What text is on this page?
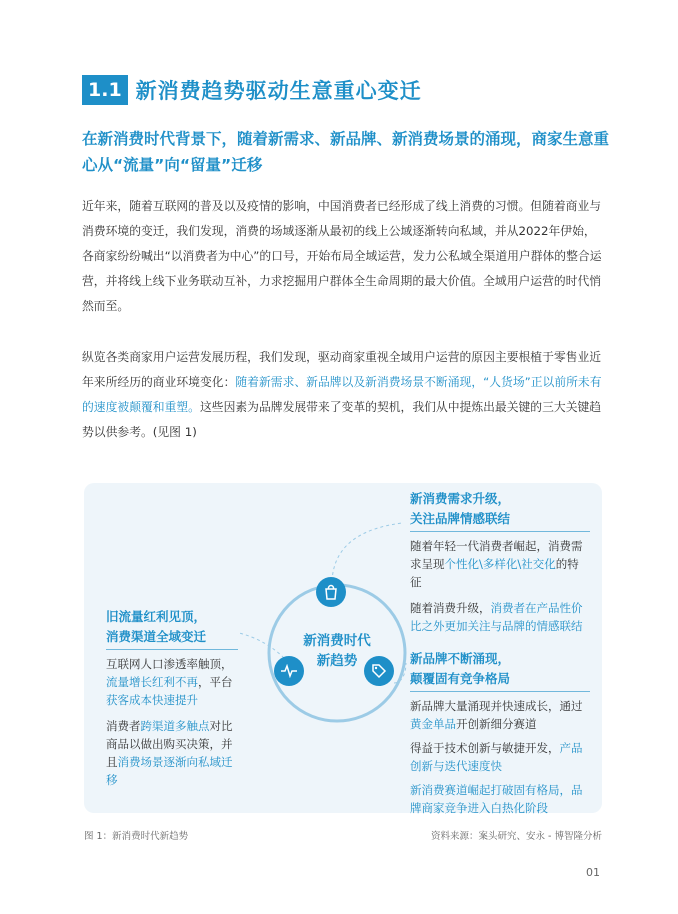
1.1 新消费趋势驱动生意重心变迁
在新消费时代背景下，随着新需求、新品牌、新消费场景的涌现，商家生意重心从“流量”向“留量”迁移
近年来，随着互联网的普及以及疫情的影响，中国消费者已经形成了线上消费的习惯。但随着商业与消费环境的变迁，我们发现，消费的场域逐渐从最初的线上公域逐渐转向私域，并从2022年伊始，各商家纷纷喊出“以消费者为中心”的口号，开始布局全域运营，发力公私域全渠道用户群体的整合运营，并将线上线下业务联动互补，力求挖掘用户群体全生命周期的最大价值。全域用户运营的时代悄然而至。
纵览各类商家用户运营发展历程，我们发现，驱动商家重视全域用户运营的原因主要根植于零售业近年来所经历的商业环境变化：随着新需求、新品牌以及新消费场景不断涌现，“人货场”正以前所未有的速度被颠覆和重塑。这些因素为品牌发展带来了变革的契机，我们从中提炼出最关键的三大关键趋势以供参考。(见图 1)
新消费时代
新趋势
新消费需求升级，
关注品牌情感联结
随着年轻一代消费者崛起，消费需求呈现个性化\多样化\社交化的特征
随着消费升级，消费者在产品性价比之外更加关注与品牌的情感联结
旧流量红利见顶，
消费渠道全域变迁
互联网人口渗透率触顶，流量增长红利不再，平台获客成本快速提升
消费者跨渠道多触点对比商品以做出购买决策，并且消费场景逐渐向私域迁移
新品牌不断涌现，
颠覆固有竞争格局
新品牌大量涌现并快速成长，通过黄金单品开创新细分赛道
得益于技术创新与敏捷开发，产品创新与迭代速度快
新消费赛道崛起打破固有格局，品牌商家竞争进入白热化阶段
图 1：新消费时代新趋势	资料来源：案头研究、安永 - 博智隆分析
01
